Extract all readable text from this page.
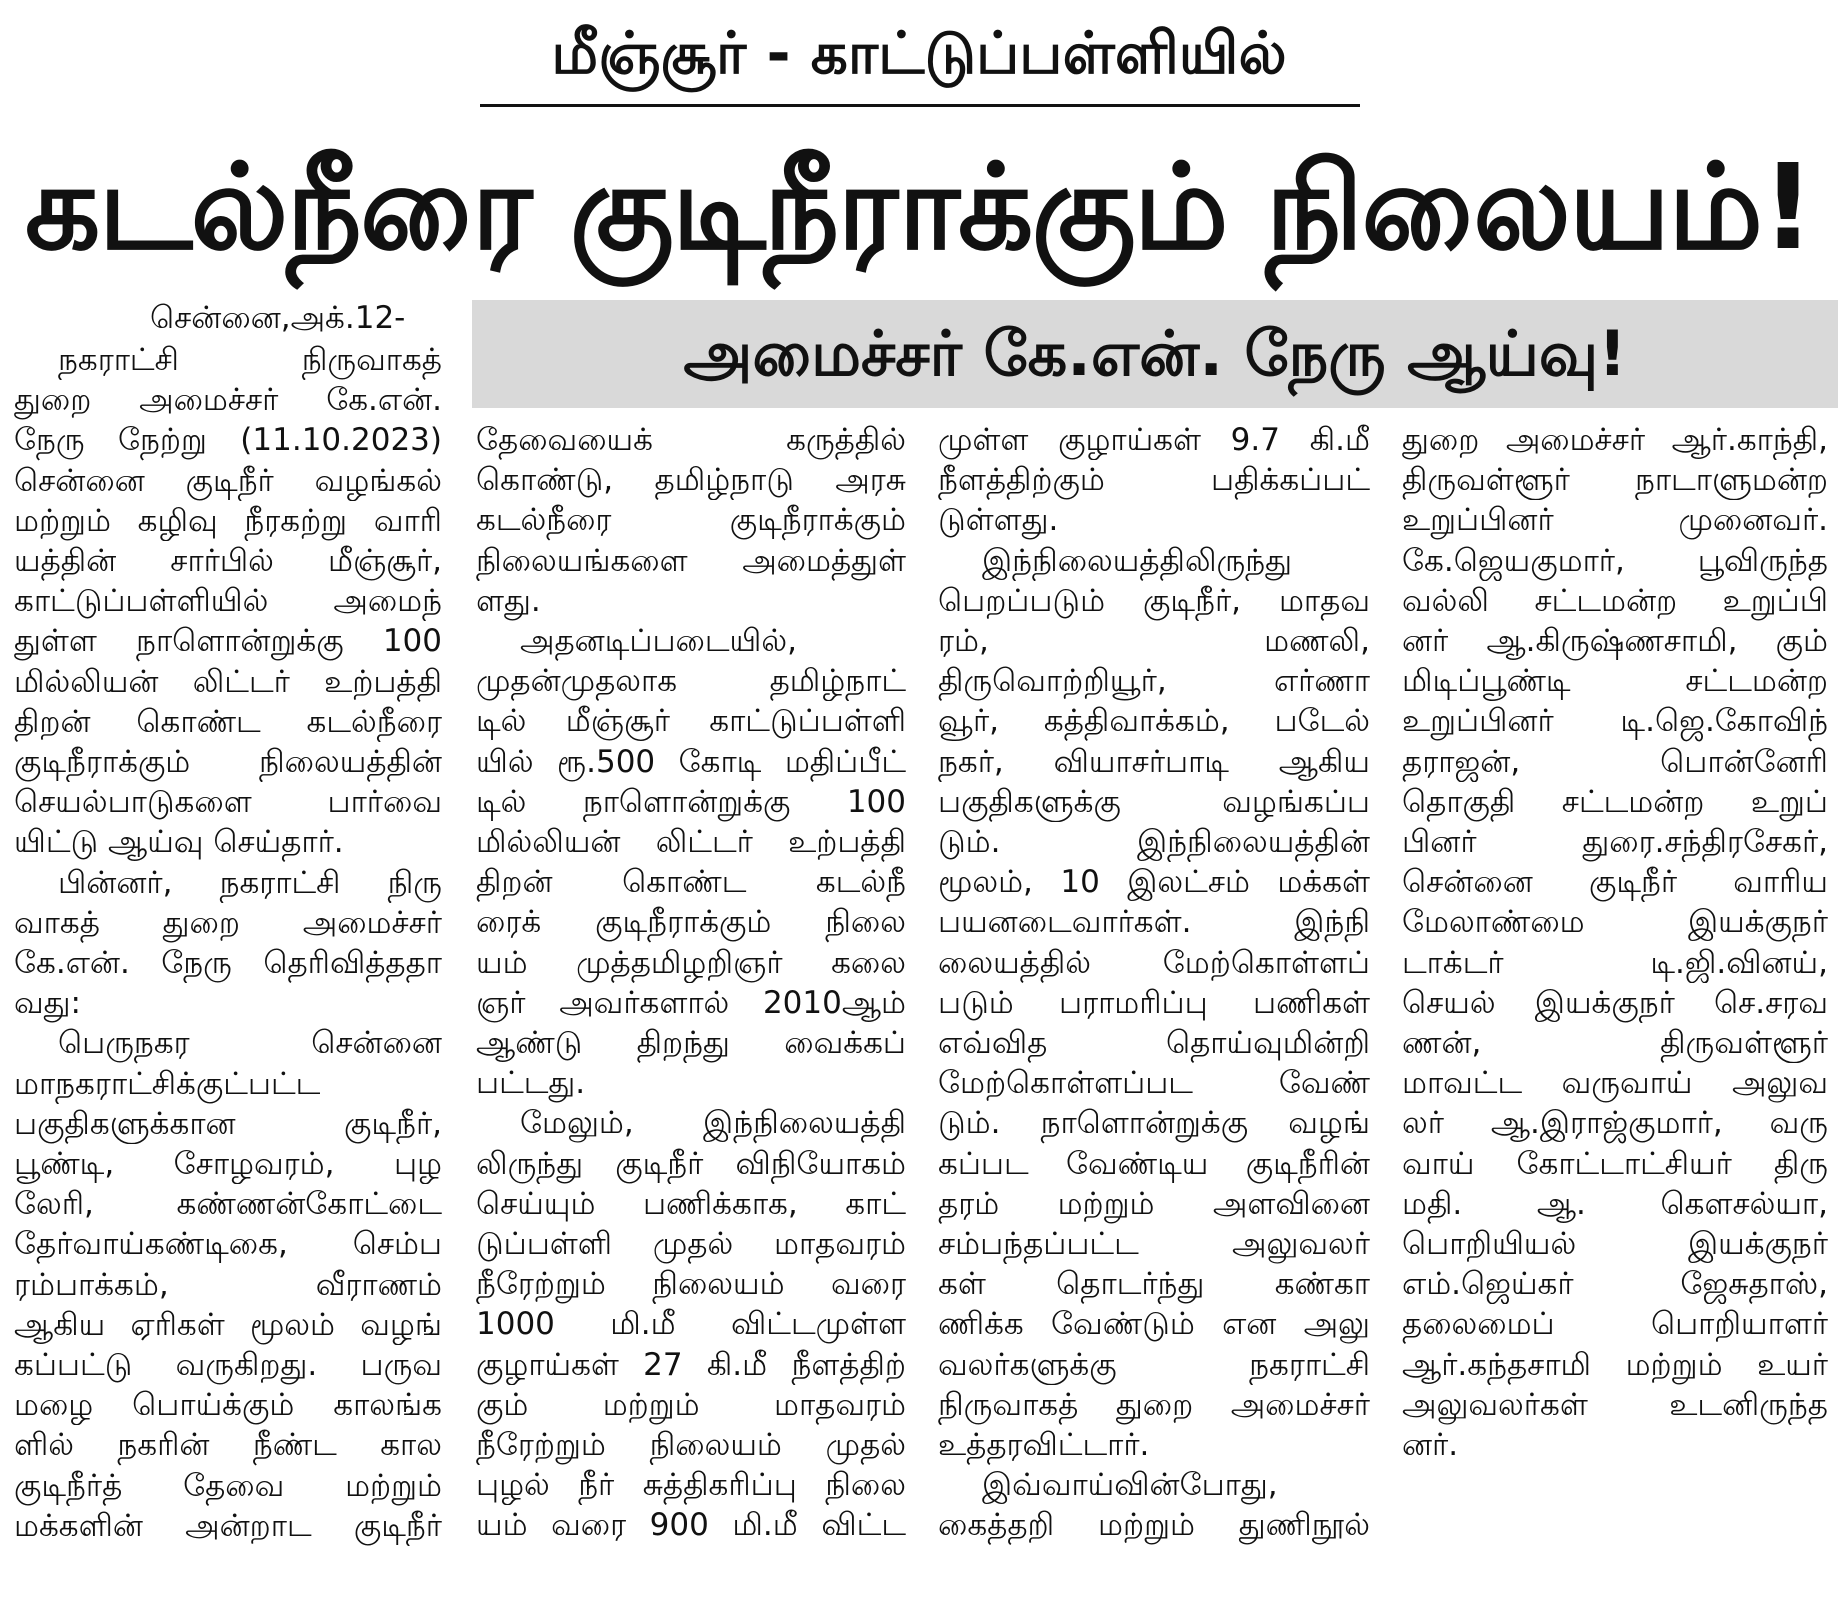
மீஞ்சூர் - காட்டுப்பள்ளியில்
கடல்நீரை குடிநீராக்கும் நிலையம்!
அமைச்சர் கே.என். நேரு ஆய்வு!
சென்னை,அக்.12-
நகராட்சி நிருவாகத்
துறை அமைச்சர் கே.என்.
நேரு நேற்று (11.10.2023)
சென்னை குடிநீர் வழங்கல்
மற்றும் கழிவு நீரகற்று வாரி
யத்தின் சார்பில் மீஞ்சூர்,
காட்டுப்பள்ளியில் அமைந்
துள்ள நாளொன்றுக்கு 100
மில்லியன் லிட்டர் உற்பத்தி
திறன் கொண்ட கடல்நீரை
குடிநீராக்கும் நிலையத்தின்
செயல்பாடுகளை பார்வை
யிட்டு ஆய்வு செய்தார்.
பின்னர், நகராட்சி நிரு
வாகத் துறை அமைச்சர்
கே.என். நேரு தெரிவித்ததா
வது:
பெருநகர சென்னை
மாநகராட்சிக்குட்பட்ட
பகுதிகளுக்கான குடிநீர்,
பூண்டி, சோழவரம், புழ
லேரி, கண்ணன்கோட்டை
தேர்வாய்கண்டிகை, செம்ப
ரம்பாக்கம், வீராணம்
ஆகிய ஏரிகள் மூலம் வழங்
கப்பட்டு வருகிறது. பருவ
மழை பொய்க்கும் காலங்க
ளில் நகரின் நீண்ட கால
குடிநீர்த் தேவை மற்றும்
மக்களின் அன்றாட குடிநீர்
தேவையைக் கருத்தில்
கொண்டு, தமிழ்நாடு அரசு
கடல்நீரை குடிநீராக்கும்
நிலையங்களை அமைத்துள்
ளது.
அதனடிப்படையில்,
முதன்முதலாக தமிழ்நாட்
டில் மீஞ்சூர் காட்டுப்பள்ளி
யில் ரூ.500 கோடி மதிப்பீட்
டில் நாளொன்றுக்கு 100
மில்லியன் லிட்டர் உற்பத்தி
திறன் கொண்ட கடல்நீ
ரைக் குடிநீராக்கும் நிலை
யம் முத்தமிழறிஞர் கலை
ஞர் அவர்களால் 2010ஆம்
ஆண்டு திறந்து வைக்கப்
பட்டது.
மேலும், இந்நிலையத்தி
லிருந்து குடிநீர் விநியோகம்
செய்யும் பணிக்காக, காட்
டுப்பள்ளி முதல் மாதவரம்
நீரேற்றும் நிலையம் வரை
1000 மி.மீ விட்டமுள்ள
குழாய்கள் 27 கி.மீ நீளத்திற்
கும் மற்றும் மாதவரம்
நீரேற்றும் நிலையம் முதல்
புழல் நீர் சுத்திகரிப்பு நிலை
யம் வரை 900 மி.மீ விட்ட
முள்ள குழாய்கள் 9.7 கி.மீ
நீளத்திற்கும் பதிக்கப்பட்
டுள்ளது.
இந்நிலையத்திலிருந்து
பெறப்படும் குடிநீர், மாதவ
ரம், மணலி,
திருவொற்றியூர், எர்ணா
வூர், கத்திவாக்கம், படேல்
நகர், வியாசர்பாடி ஆகிய
பகுதிகளுக்கு வழங்கப்ப
டும். இந்நிலையத்தின்
மூலம், 10 இலட்சம் மக்கள்
பயனடைவார்கள். இந்நி
லையத்தில் மேற்கொள்ளப்
படும் பராமரிப்பு பணிகள்
எவ்வித தொய்வுமின்றி
மேற்கொள்ளப்பட வேண்
டும். நாளொன்றுக்கு வழங்
கப்பட வேண்டிய குடிநீரின்
தரம் மற்றும் அளவினை
சம்பந்தப்பட்ட அலுவலர்
கள் தொடர்ந்து கண்கா
ணிக்க வேண்டும் என அலு
வலர்களுக்கு நகராட்சி
நிருவாகத் துறை அமைச்சர்
உத்தரவிட்டார்.
இவ்வாய்வின்போது,
கைத்தறி மற்றும் துணிநூல்
துறை அமைச்சர் ஆர்.காந்தி,
திருவள்ளூர் நாடாளுமன்ற
உறுப்பினர் முனைவர்.
கே.ஜெயகுமார், பூவிருந்த
வல்லி சட்டமன்ற உறுப்பி
னர் ஆ.கிருஷ்ணசாமி, கும்
மிடிப்பூண்டி சட்டமன்ற
உறுப்பினர் டி.ஜெ.கோவிந்
தராஜன், பொன்னேரி
தொகுதி சட்டமன்ற உறுப்
பினர் துரை.சந்திரசேகர்,
சென்னை குடிநீர் வாரிய
மேலாண்மை இயக்குநர்
டாக்டர் டி.ஜி.வினய்,
செயல் இயக்குநர் செ.சரவ
ணன், திருவள்ளூர்
மாவட்ட வருவாய் அலுவ
லர் ஆ.இராஜ்குமார், வரு
வாய் கோட்டாட்சியர் திரு
மதி. ஆ. கௌசல்யா,
பொறியியல் இயக்குநர்
எம்.ஜெய்கர் ஜேசுதாஸ்,
தலைமைப் பொறியாளர்
ஆர்.கந்தசாமி மற்றும் உயர்
அலுவலர்கள் உடனிருந்த
னர்.
